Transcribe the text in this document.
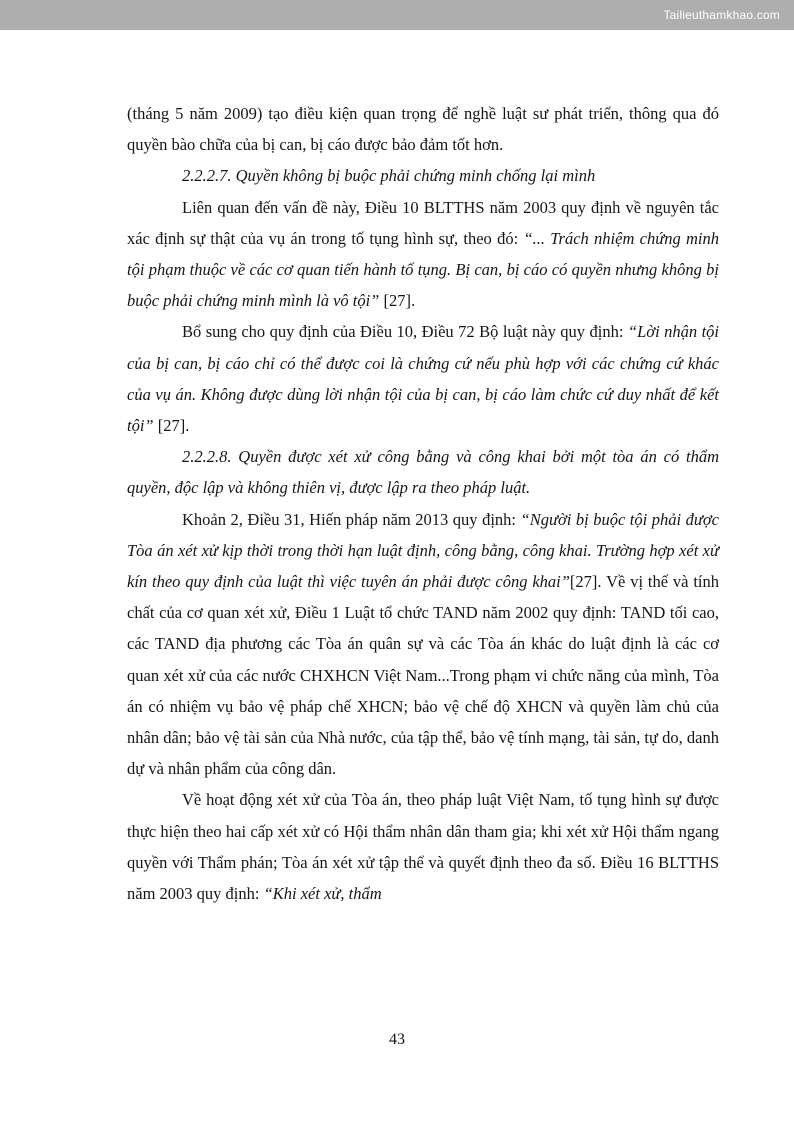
Tailieuthamkhao.com

(tháng 5 năm 2009) tạo điều kiện quan trọng để nghề luật sư phát triển, thông qua đó quyền bào chữa của bị can, bị cáo được bảo đảm tốt hơn.

2.2.2.7. Quyền không bị buộc phải chứng minh chống lại mình

Liên quan đến vấn đề này, Điều 10 BLTTHS năm 2003 quy định về nguyên tắc xác định sự thật của vụ án trong tố tụng hình sự, theo đó: “... Trách nhiệm chứng minh tội phạm thuộc về các cơ quan tiến hành tố tụng. Bị can, bị cáo có quyền nhưng không bị buộc phải chứng minh mình là vô tội” [27].

Bổ sung cho quy định của Điều 10, Điều 72 Bộ luật này quy định: “Lời nhận tội của bị can, bị cáo chỉ có thể được coi là chứng cứ nếu phù hợp với các chứng cứ khác của vụ án. Không được dùng lời nhận tội của bị can, bị cáo làm chức cứ duy nhất để kết tội” [27].

2.2.2.8. Quyền được xét xử công bằng và công khai bởi một tòa án có thẩm quyền, độc lập và không thiên vị, được lập ra theo pháp luật.

Khoản 2, Điều 31, Hiến pháp năm 2013 quy định: “Người bị buộc tội phải được Tòa án xét xử kịp thời trong thời hạn luật định, công bằng, công khai. Trường hợp xét xử kín theo quy định của luật thì việc tuyên án phải được công khai”[27]. Về vị thế và tính chất của cơ quan xét xử, Điều 1 Luật tổ chức TAND năm 2002 quy định: TAND tối cao, các TAND địa phương các Tòa án quân sự và các Tòa án khác do luật định là các cơ quan xét xử của các nước CHXHCN Việt Nam...Trong phạm vi chức năng của mình, Tòa án có nhiệm vụ bảo vệ pháp chế XHCN; bảo vệ chế độ XHCN và quyền làm chủ của nhân dân; bảo vệ tài sản của Nhà nước, của tập thể, bảo vệ tính mạng, tài sản, tự do, danh dự và nhân phẩm của công dân.

Về hoạt động xét xử của Tòa án, theo pháp luật Việt Nam, tố tụng hình sự được thực hiện theo hai cấp xét xử có Hội thẩm nhân dân tham gia; khi xét xử Hội thẩm ngang quyền với Thẩm phán; Tòa án xét xử tập thể và quyết định theo đa số. Điều 16 BLTTHS năm 2003 quy định: “Khi xét xử, thẩm

43
